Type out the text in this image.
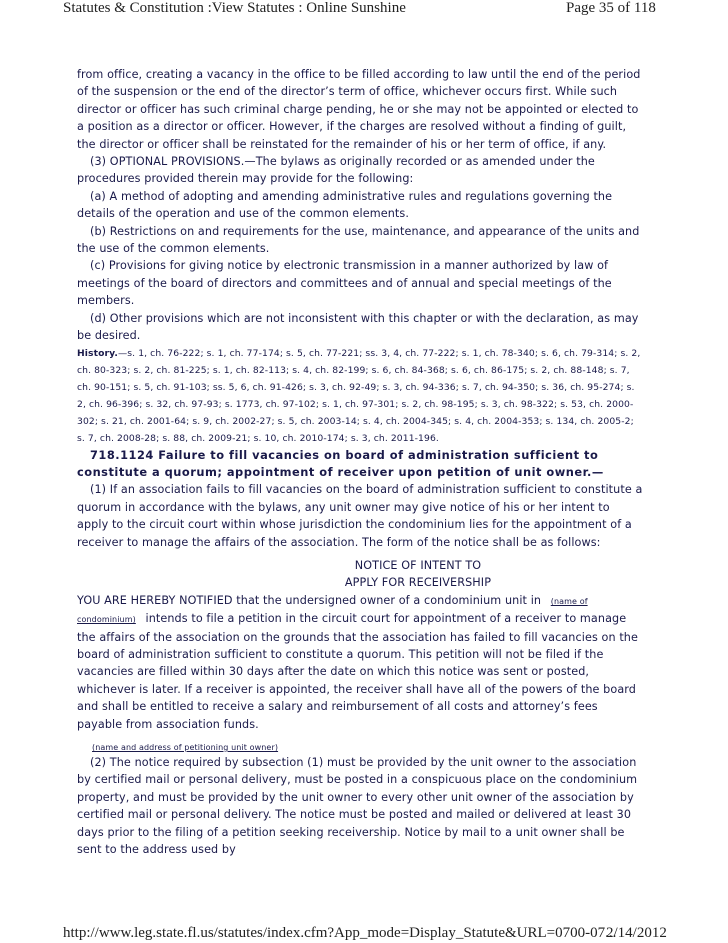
Statutes & Constitution :View Statutes : Online Sunshine	Page 35 of 118

from office, creating a vacancy in the office to be filled according to law until the end of the period of the suspension or the end of the director’s term of office, whichever occurs first. While such director or officer has such criminal charge pending, he or she may not be appointed or elected to a position as a director or officer. However, if the charges are resolved without a finding of guilt, the director or officer shall be reinstated for the remainder of his or her term of office, if any.

(3) OPTIONAL PROVISIONS.—The bylaws as originally recorded or as amended under the procedures provided therein may provide for the following:

(a) A method of adopting and amending administrative rules and regulations governing the details of the operation and use of the common elements.

(b) Restrictions on and requirements for the use, maintenance, and appearance of the units and the use of the common elements.

(c) Provisions for giving notice by electronic transmission in a manner authorized by law of meetings of the board of directors and committees and of annual and special meetings of the members.

(d) Other provisions which are not inconsistent with this chapter or with the declaration, as may be desired.

History.—s. 1, ch. 76-222; s. 1, ch. 77-174; s. 5, ch. 77-221; ss. 3, 4, ch. 77-222; s. 1, ch. 78-340; s. 6, ch. 79-314; s. 2, ch. 80-323; s. 2, ch. 81-225; s. 1, ch. 82-113; s. 4, ch. 82-199; s. 6, ch. 84-368; s. 6, ch. 86-175; s. 2, ch. 88-148; s. 7, ch. 90-151; s. 5, ch. 91-103; ss. 5, 6, ch. 91-426; s. 3, ch. 92-49; s. 3, ch. 94-336; s. 7, ch. 94-350; s. 36, ch. 95-274; s. 2, ch. 96-396; s. 32, ch. 97-93; s. 1773, ch. 97-102; s. 1, ch. 97-301; s. 2, ch. 98-195; s. 3, ch. 98-322; s. 53, ch. 2000-302; s. 21, ch. 2001-64; s. 9, ch. 2002-27; s. 5, ch. 2003-14; s. 4, ch. 2004-345; s. 4, ch. 2004-353; s. 134, ch. 2005-2; s. 7, ch. 2008-28; s. 88, ch. 2009-21; s. 10, ch. 2010-174; s. 3, ch. 2011-196.

718.1124 Failure to fill vacancies on board of administration sufficient to constitute a quorum; appointment of receiver upon petition of unit owner.—

(1) If an association fails to fill vacancies on the board of administration sufficient to constitute a quorum in accordance with the bylaws, any unit owner may give notice of his or her intent to apply to the circuit court within whose jurisdiction the condominium lies for the appointment of a receiver to manage the affairs of the association. The form of the notice shall be as follows:

NOTICE OF INTENT TO
APPLY FOR RECEIVERSHIP

YOU ARE HEREBY NOTIFIED that the undersigned owner of a condominium unit in (name of condominium) intends to file a petition in the circuit court for appointment of a receiver to manage the affairs of the association on the grounds that the association has failed to fill vacancies on the board of administration sufficient to constitute a quorum. This petition will not be filed if the vacancies are filled within 30 days after the date on which this notice was sent or posted, whichever is later. If a receiver is appointed, the receiver shall have all of the powers of the board and shall be entitled to receive a salary and reimbursement of all costs and attorney’s fees payable from association funds.

(name and address of petitioning unit owner)

(2) The notice required by subsection (1) must be provided by the unit owner to the association by certified mail or personal delivery, must be posted in a conspicuous place on the condominium property, and must be provided by the unit owner to every other unit owner of the association by certified mail or personal delivery. The notice must be posted and mailed or delivered at least 30 days prior to the filing of a petition seeking receivership. Notice by mail to a unit owner shall be sent to the address used by

http://www.leg.state.fl.us/statutes/index.cfm?App_mode=Display_Statute&URL=0700-07...
2/14/2012
